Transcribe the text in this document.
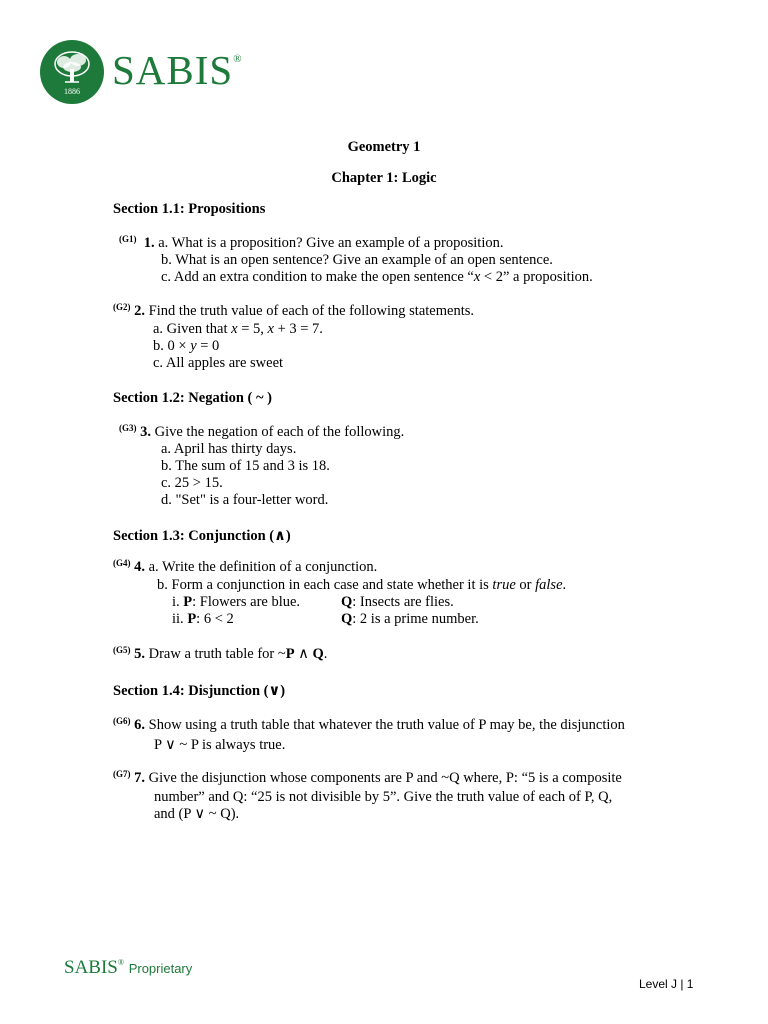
1886 SABIS®
Geometry 1
Chapter 1: Logic
Section 1.1: Propositions
$^{(G1)}$ 1. a. What is a proposition? Give an example of a proposition.
b. What is an open sentence? Give an example of an open sentence.
c. Add an extra condition to make the open sentence “x < 2” a proposition.
$^{(G2)}$ 2. Find the truth value of each of the following statements.
a. Given that x = 5, x + 3 = 7.
b. 0 × y = 0
c. All apples are sweet
Section 1.2: Negation ( ~ )
$^{(G3)}$ 3. Give the negation of each of the following.
a. April has thirty days.
b. The sum of 15 and 3 is 18.
c. 25 > 15.
d. "Set" is a four-letter word.
Section 1.3: Conjunction (∧)
$^{(G4)}$ 4. a. Write the definition of a conjunction.
b. Form a conjunction in each case and state whether it is true or false.
i. P: Flowers are blue.	Q: Insects are flies.
ii. P: 6 < 2	Q: 2 is a prime number.
$^{(G5)}$ 5. Draw a truth table for ~P ∧ Q.
Section 1.4: Disjunction (∨)
$^{(G6)}$ 6. Show using a truth table that whatever the truth value of P may be, the disjunction
P ∨ ~ P is always true.
$^{(G7)}$ 7. Give the disjunction whose components are P and ~Q where, P: “5 is a composite
number” and Q: “25 is not divisible by 5”. Give the truth value of each of P, Q,
and (P ∨ ~ Q).
SABIS® Proprietary
Level J | 1
